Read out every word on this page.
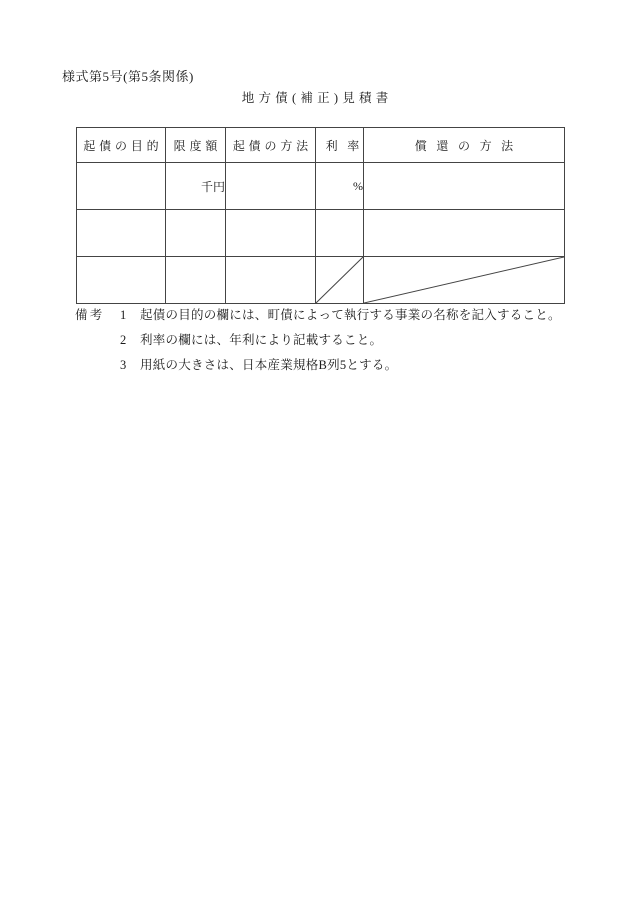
様式第5号(第5条関係)
地方債(補正)見積書
起債の目的	限度額	起債の方法	利率	償還の方法
	千円		%	

備考	1	起債の目的の欄には、町債によって執行する事業の名称を記入すること。
2	利率の欄には、年利により記載すること。
3	用紙の大きさは、日本産業規格B列5とする。
